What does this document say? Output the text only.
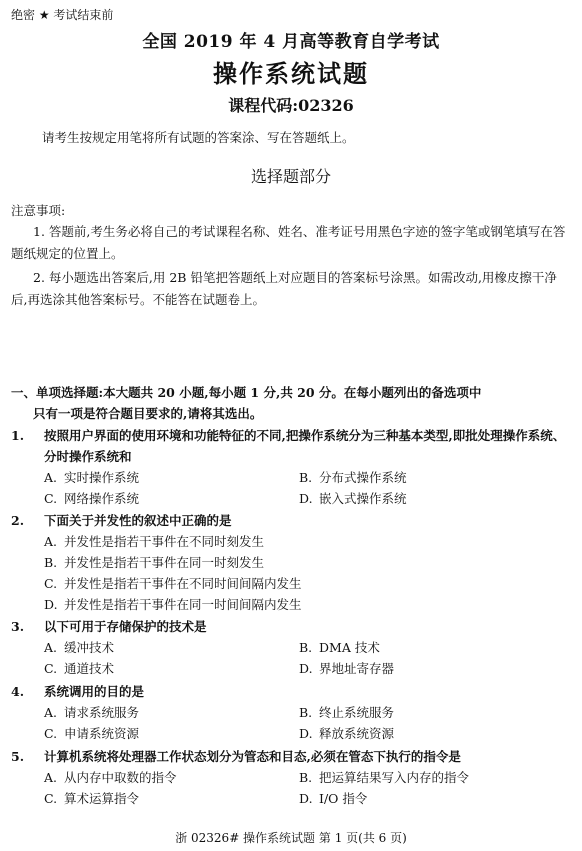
绝密 ★ 考试结束前
全国 2019 年 4 月高等教育自学考试
操作系统试题
课程代码:02326
请考生按规定用笔将所有试题的答案涂、写在答题纸上。
选择题部分
注意事项:
1. 答题前,考生务必将自己的考试课程名称、姓名、准考证号用黑色字迹的签字笔或钢笔填写在答题纸规定的位置上。
2. 每小题选出答案后,用 2B 铅笔把答题纸上对应题目的答案标号涂黑。如需改动,用橡皮擦干净后,再选涂其他答案标号。不能答在试题卷上。
一、单项选择题:本大题共 20 小题,每小题 1 分,共 20 分。在每小题列出的备选项中
只有一项是符合题目要求的,请将其选出。
1. 按照用户界面的使用环境和功能特征的不同,把操作系统分为三种基本类型,即批处理操作系统、分时操作系统和
A. 实时操作系统	B. 分布式操作系统
C. 网络操作系统	D. 嵌入式操作系统
2. 下面关于并发性的叙述中正确的是
A. 并发性是指若干事件在不同时刻发生
B. 并发性是指若干事件在同一时刻发生
C. 并发性是指若干事件在不同时间间隔内发生
D. 并发性是指若干事件在同一时间间隔内发生
3. 以下可用于存储保护的技术是
A. 缓冲技术	B. DMA 技术
C. 通道技术	D. 界地址寄存器
4. 系统调用的目的是
A. 请求系统服务	B. 终止系统服务
C. 申请系统资源	D. 释放系统资源
5. 计算机系统将处理器工作状态划分为管态和目态,必须在管态下执行的指令是
A. 从内存中取数的指令	B. 把运算结果写入内存的指令
C. 算术运算指令	D. I/O 指令
浙 02326# 操作系统试题 第 1 页(共 6 页)
